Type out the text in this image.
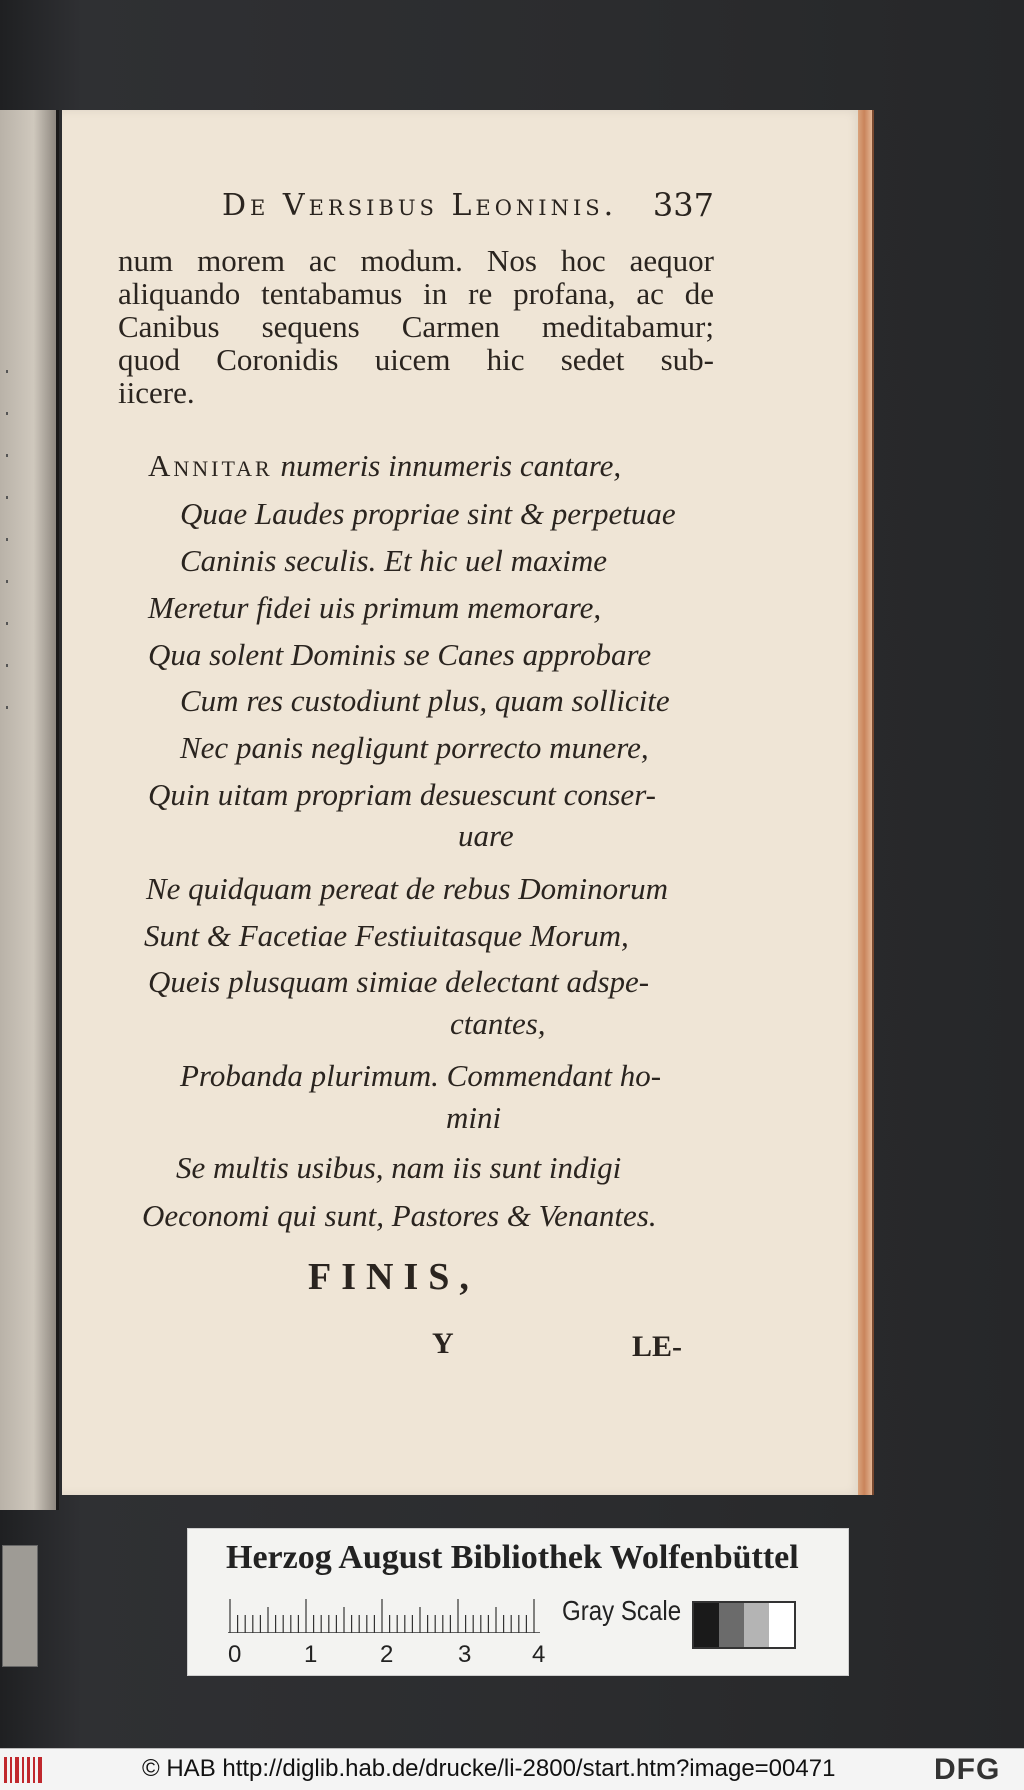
De Versibus Leoninis. 337
num morem ac modum. Nos hoc aequor
aliquando tentabamus in re profana, ac de
Canibus sequens Carmen meditabamur;
quod Coronidis uicem hic sedet sub-
iicere.
Annitar numeris innumeris cantare,
Quae Laudes propriae sint & perpetuae
Caninis seculis. Et hic uel maxime
Meretur fidei uis primum memorare,
Qua solent Dominis se Canes approbare
Cum res custodiunt plus, quam sollicite
Nec panis negligunt porrecto munere,
Quin uitam propriam desuescunt conser-
uare
Ne quidquam pereat de rebus Dominorum
Sunt & Facetiae Festiuitasque Morum,
Queis plusquam simiae delectant adspe-
ctantes,
Probanda plurimum. Commendant ho-
mini
Se multis usibus, nam iis sunt indigi
Oeconomi qui sunt, Pastores & Venantes.
FINIS,
Y	LE-
Herzog August Bibliothek Wolfenbüttel
0	1	2	3	4
Gray Scale
© HAB http://diglib.hab.de/drucke/li-2800/start.htm?image=00471	DFG
